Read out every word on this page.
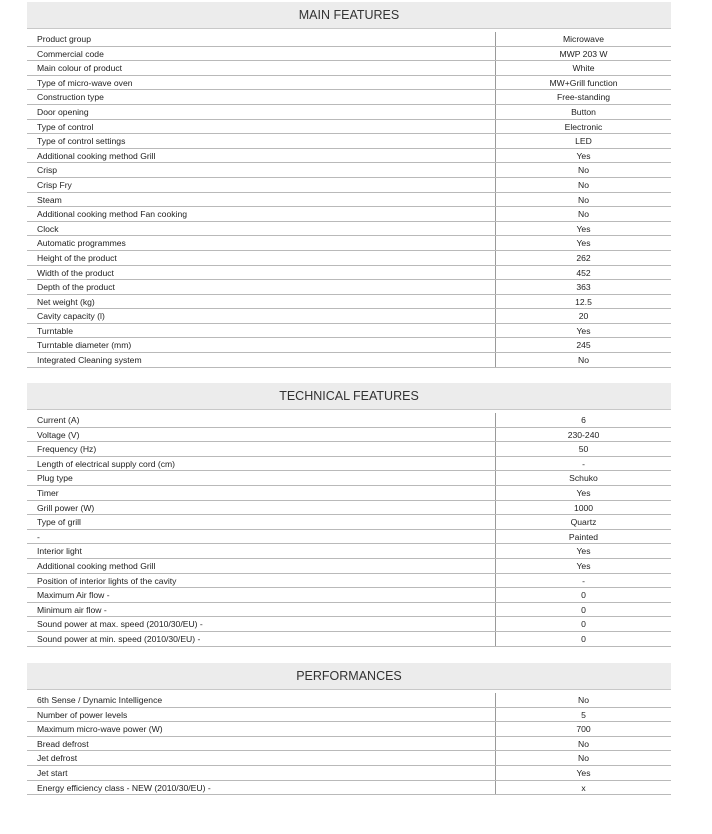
MAIN FEATURES
Product group	Microwave
Commercial code	MWP 203 W
Main colour of product	White
Type of micro-wave oven	MW+Grill function
Construction type	Free-standing
Door opening	Button
Type of control	Electronic
Type of control settings	LED
Additional cooking method Grill	Yes
Crisp	No
Crisp Fry	No
Steam	No
Additional cooking method Fan cooking	No
Clock	Yes
Automatic programmes	Yes
Height of the product	262
Width of the product	452
Depth of the product	363
Net weight (kg)	12.5
Cavity capacity (l)	20
Turntable	Yes
Turntable diameter (mm)	245
Integrated Cleaning system	No
TECHNICAL FEATURES
Current (A)	6
Voltage (V)	230-240
Frequency (Hz)	50
Length of electrical supply cord (cm)	-
Plug type	Schuko
Timer	Yes
Grill power (W)	1000
Type of grill	Quartz
-	Painted
Interior light	Yes
Additional cooking method Grill	Yes
Position of interior lights of the cavity	-
Maximum Air flow -	0
Minimum air flow -	0
Sound power at max. speed (2010/30/EU) -	0
Sound power at min. speed (2010/30/EU) -	0
PERFORMANCES
6th Sense / Dynamic Intelligence	No
Number of power levels	5
Maximum micro-wave power (W)	700
Bread defrost	No
Jet defrost	No
Jet start	Yes
Energy efficiency class - NEW (2010/30/EU) -	x
